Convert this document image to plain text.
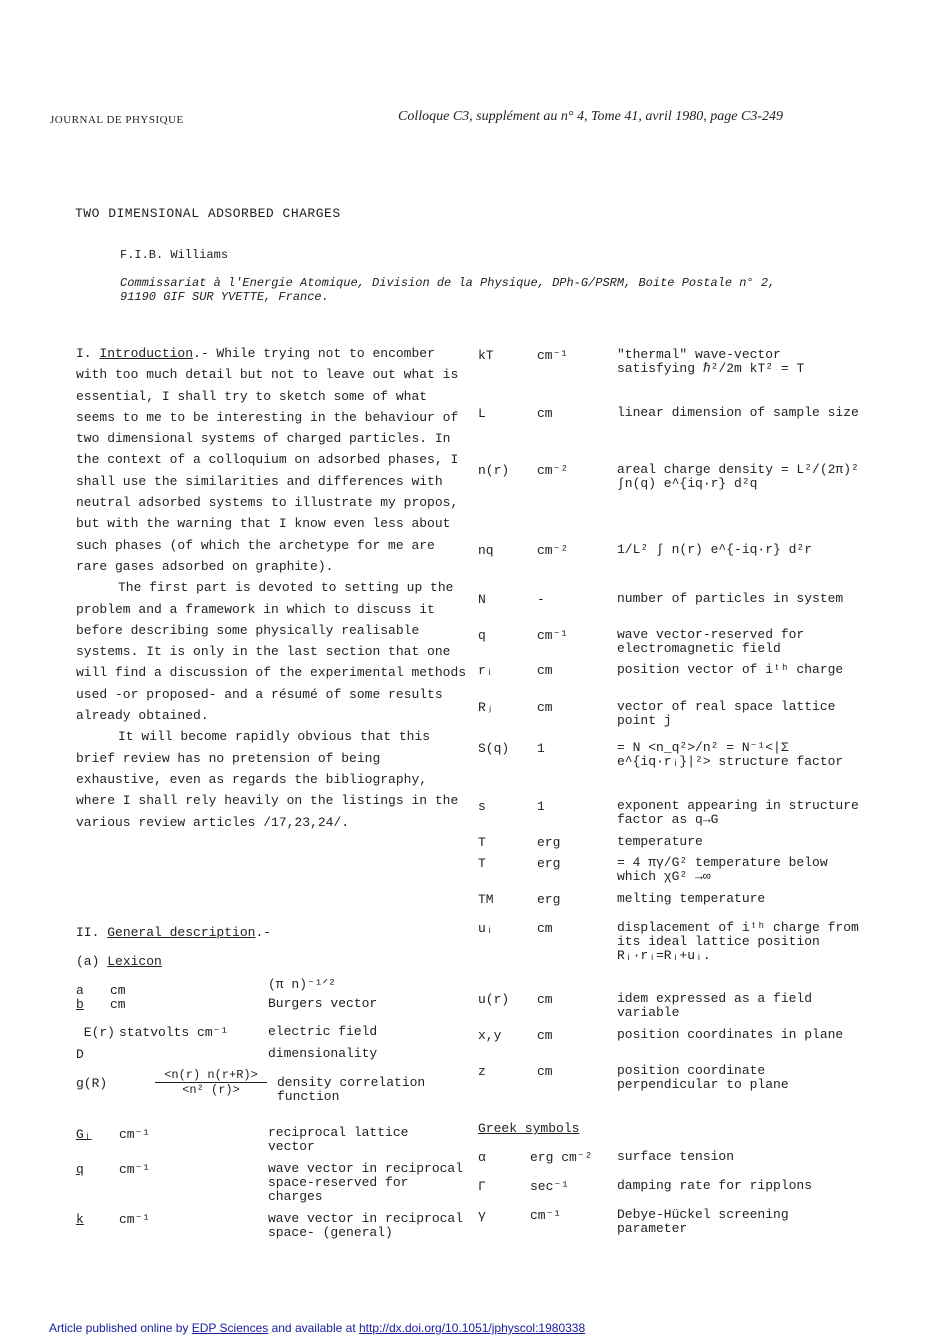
JOURNAL DE PHYSIQUE	Colloque C3, supplément au n° 4, Tome 41, avril 1980, page C3-249
TWO DIMENSIONAL ADSORBED CHARGES
F.I.B. Williams
Commissariat à l'Energie Atomique, Division de la Physique, DPh-G/PSRM, Boite Postale n° 2,
91190 GIF SUR YVETTE, France.

I. Introduction.- While trying not to encomber with too much detail but not to leave out what is essential, I shall try to sketch some of what seems to me to be interesting in the behaviour of two dimensional systems of charged particles. In the context of a colloquium on adsorbed phases, I shall use the similarities and differences with neutral adsorbed systems to illustrate my propos, but with the warning that I know even less about such phases (of which the archetype for me are rare gases adsorbed on graphite).

The first part is devoted to setting up the problem and a framework in which to discuss it before describing some physically realisable systems. It is only in the last section that one will find a discussion of the experimental methods used -or proposed- and a résumé of some results already obtained.

It will become rapidly obvious that this brief review has no pretension of being exhaustive, even as regards the bibliography, where I shall rely heavily on the listings in the various review articles /17,23,24/.

II. General description.-
(a) Lexicon
a cm	(π n)⁻¹ᐟ²
b cm	Burgers vector
E(r) statvolts cm⁻¹	electric field
D	dimensionality
g(R)	$\frac{<n(r) n(r+R)>}{\text{<n² (r)>}}$ density correlation function
Gᵢ cm⁻¹	reciprocal lattice vector
q	cm⁻¹	wave vector in reciprocal space-reserved for charges
k	cm⁻¹	wave vector in reciprocal space- (general)
kT	cm⁻¹	"thermal" wave-vector satisfying ℏ²/2m kT² = T
L	cm	linear dimension of sample size
n(r) cm⁻²	areal charge density = L²/(2π)² ∫n(q) e^{iq·r} d²q
nq	cm⁻²	1/L² ∫ n(r) e^{-iq·r} d²r
N	-	number of particles in system
q	cm⁻¹	wave vector-reserved for electromagnetic field
rᵢ	cm	position vector of iᵗʰ charge
Rⱼ	cm	vector of real space lattice point j
S(q) 1	= N <n_q²>/n² = N⁻¹<|Σ e^{iq·rᵢ}|²> structure factor
s	1	exponent appearing in structure factor as q→G
T	erg	temperature
T	erg	= 4 πγ/G² temperature below which χG² →∞
TM	erg	melting temperature
uᵢ	cm	displacement of iᵗʰ charge from its ideal lattice position Rᵢ·rᵢ=Rᵢ+uᵢ.
u(r) cm	idem expressed as a field variable
x,y	cm	position coordinates in plane
z	cm	position coordinate perpendicular to plane
Greek symbols
α	erg cm⁻² surface tension
Γ	sec⁻¹	damping rate for ripplons
γ	cm⁻¹	Debye-Hückel screening parameter
Article published online by EDP Sciences and available at http://dx.doi.org/10.1051/jphyscol:1980338
